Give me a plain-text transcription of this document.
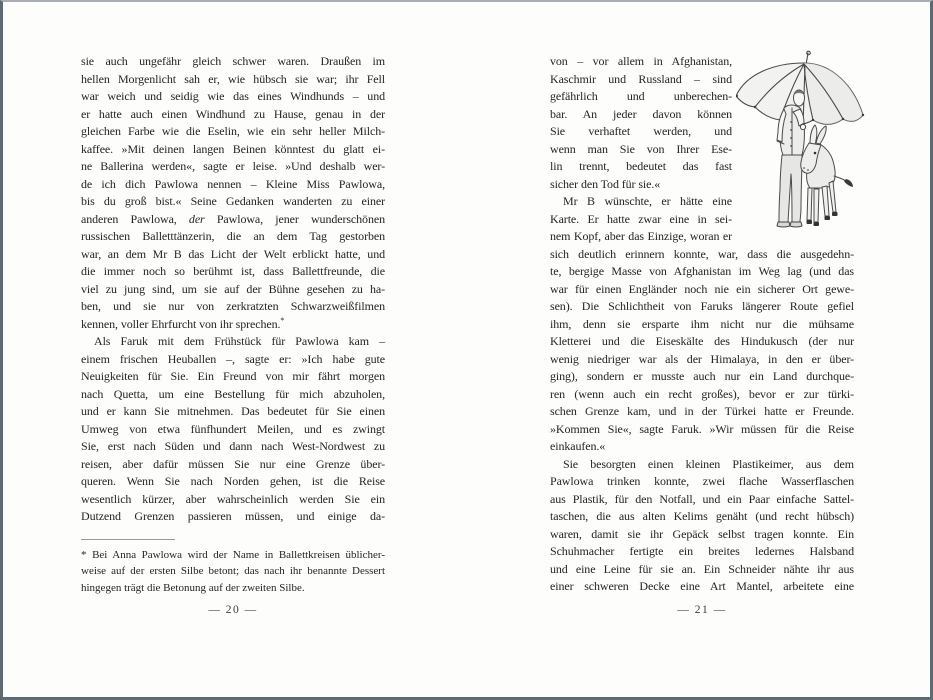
sie auch ungefähr gleich schwer waren. Draußen im
hellen Morgenlicht sah er, wie hübsch sie war; ihr Fell
war weich und seidig wie das eines Windhunds – und
er hatte auch einen Windhund zu Hause, genau in der
gleichen Farbe wie die Eselin, wie ein sehr heller Milch-
kaffee. »Mit deinen langen Beinen könntest du glatt ei-
ne Ballerina werden«, sagte er leise. »Und deshalb wer-
de ich dich Pawlowa nennen – Kleine Miss Pawlowa,
bis du groß bist.« Seine Gedanken wanderten zu einer
anderen Pawlowa, der Pawlowa, jener wunderschönen
russischen Balletttänzerin, die an dem Tag gestorben
war, an dem Mr B das Licht der Welt erblickt hatte, und
die immer noch so berühmt ist, dass Ballettfreunde, die
viel zu jung sind, um sie auf der Bühne gesehen zu ha-
ben, und sie nur von zerkratzten Schwarzweißfilmen
kennen, voller Ehrfurcht von ihr sprechen.*
Als Faruk mit dem Frühstück für Pawlowa kam –
einem frischen Heuballen –, sagte er: »Ich habe gute
Neuigkeiten für Sie. Ein Freund von mir fährt morgen
nach Quetta, um eine Bestellung für mich abzuholen,
und er kann Sie mitnehmen. Das bedeutet für Sie einen
Umweg von etwa fünfhundert Meilen, und es zwingt
Sie, erst nach Süden und dann nach West-Nordwest zu
reisen, aber dafür müssen Sie nur eine Grenze über-
queren. Wenn Sie nach Norden gehen, ist die Reise
wesentlich kürzer, aber wahrscheinlich werden Sie ein
Dutzend Grenzen passieren müssen, und einige da-
* Bei Anna Pawlowa wird der Name in Ballettkreisen üblicher-
weise auf der ersten Silbe betont; das nach ihr benannte Dessert
hingegen trägt die Betonung auf der zweiten Silbe.
— 20 —
von – vor allem in Afghanistan,
Kaschmir und Russland – sind
gefährlich und unberechen-
bar. An jeder davon können
Sie verhaftet werden, und
wenn man Sie von Ihrer Ese-
lin trennt, bedeutet das fast
sicher den Tod für sie.«
Mr B wünschte, er hätte eine
Karte. Er hatte zwar eine in sei-
nem Kopf, aber das Einzige, woran er
sich deutlich erinnern konnte, war, dass die ausgedehn-
te, bergige Masse von Afghanistan im Weg lag (und das
war für einen Engländer noch nie ein sicherer Ort gewe-
sen). Die Schlichtheit von Faruks längerer Route gefiel
ihm, denn sie ersparte ihm nicht nur die mühsame
Kletterei und die Eiseskälte des Hindukusch (der nur
wenig niedriger war als der Himalaya, in den er über-
ging), sondern er musste auch nur ein Land durchque-
ren (wenn auch ein recht großes), bevor er zur türki-
schen Grenze kam, und in der Türkei hatte er Freunde.
»Kommen Sie«, sagte Faruk. »Wir müssen für die Reise
einkaufen.«
Sie besorgten einen kleinen Plastikeimer, aus dem
Pawlowa trinken konnte, zwei flache Wasserflaschen
aus Plastik, für den Notfall, und ein Paar einfache Sattel-
taschen, die aus alten Kelims genäht (und recht hübsch)
waren, damit sie ihr Gepäck selbst tragen konnte. Ein
Schuhmacher fertigte ein breites ledernes Halsband
und eine Leine für sie an. Ein Schneider nähte ihr aus
einer schweren Decke eine Art Mantel, arbeitete eine
— 21 —
